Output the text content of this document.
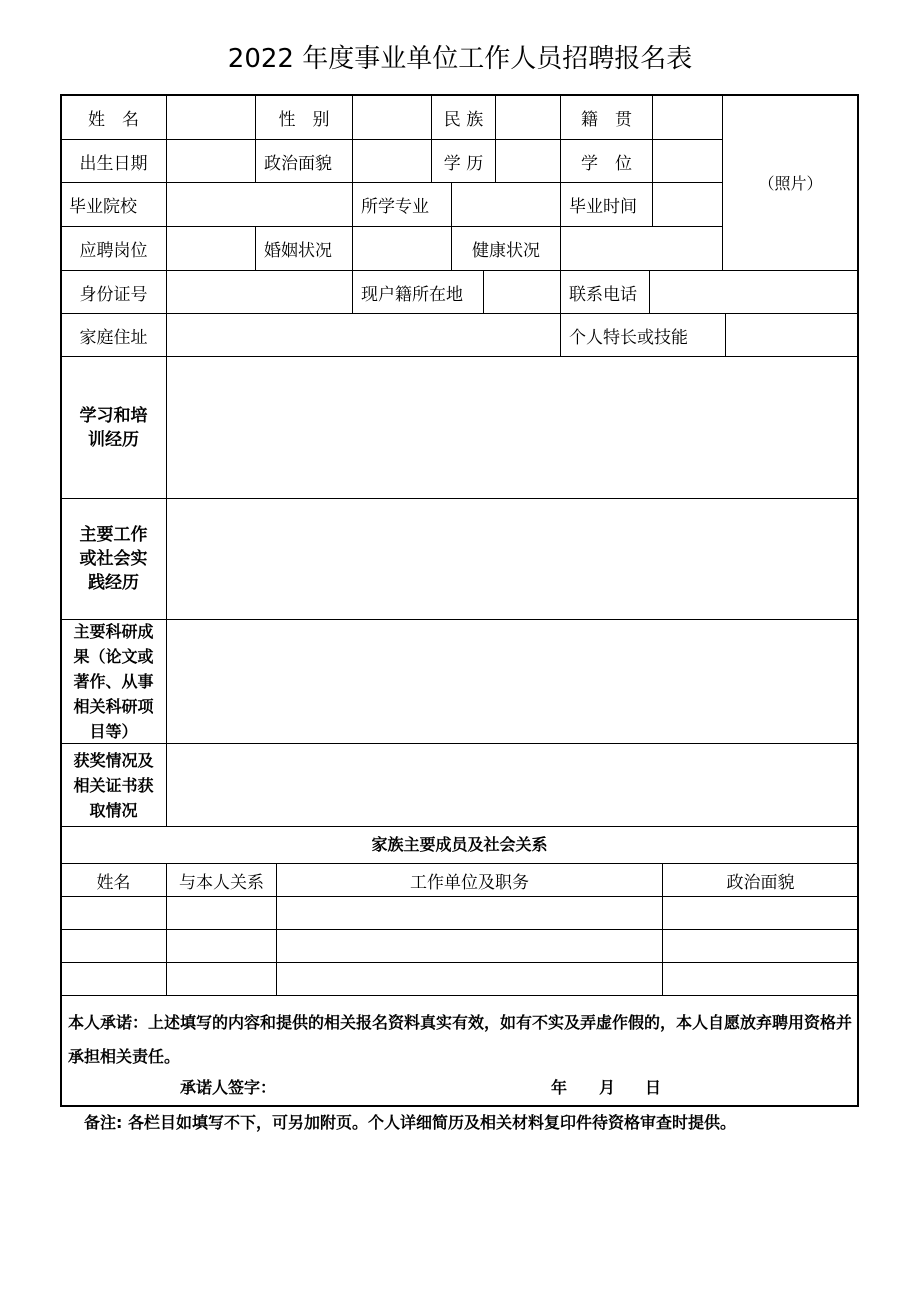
2022 年度事业单位工作人员招聘报名表
姓　名	性　别	民 族	籍　贯
（照片）
出生日期	政治面貌	学 历	学　位
毕业院校	所学专业	毕业时间
应聘岗位	婚姻状况	健康状况
身份证号	现户籍所在地	联系电话
家庭住址	个人特长或技能
学习和培训经历
主要工作或社会实践经历
主要科研成果（论文或著作、从事相关科研项目等）
获奖情况及相关证书获取情况
家族主要成员及社会关系
姓名	与本人关系	工作单位及职务	政治面貌
本人承诺：上述填写的内容和提供的相关报名资料真实有效，如有不实及弄虚作假的，本人自愿放弃聘用资格并承担相关责任。
承诺人签字：	年 月 日
备注: 各栏目如填写不下，可另加附页。个人详细简历及相关材料复印件待资格审查时提供。
